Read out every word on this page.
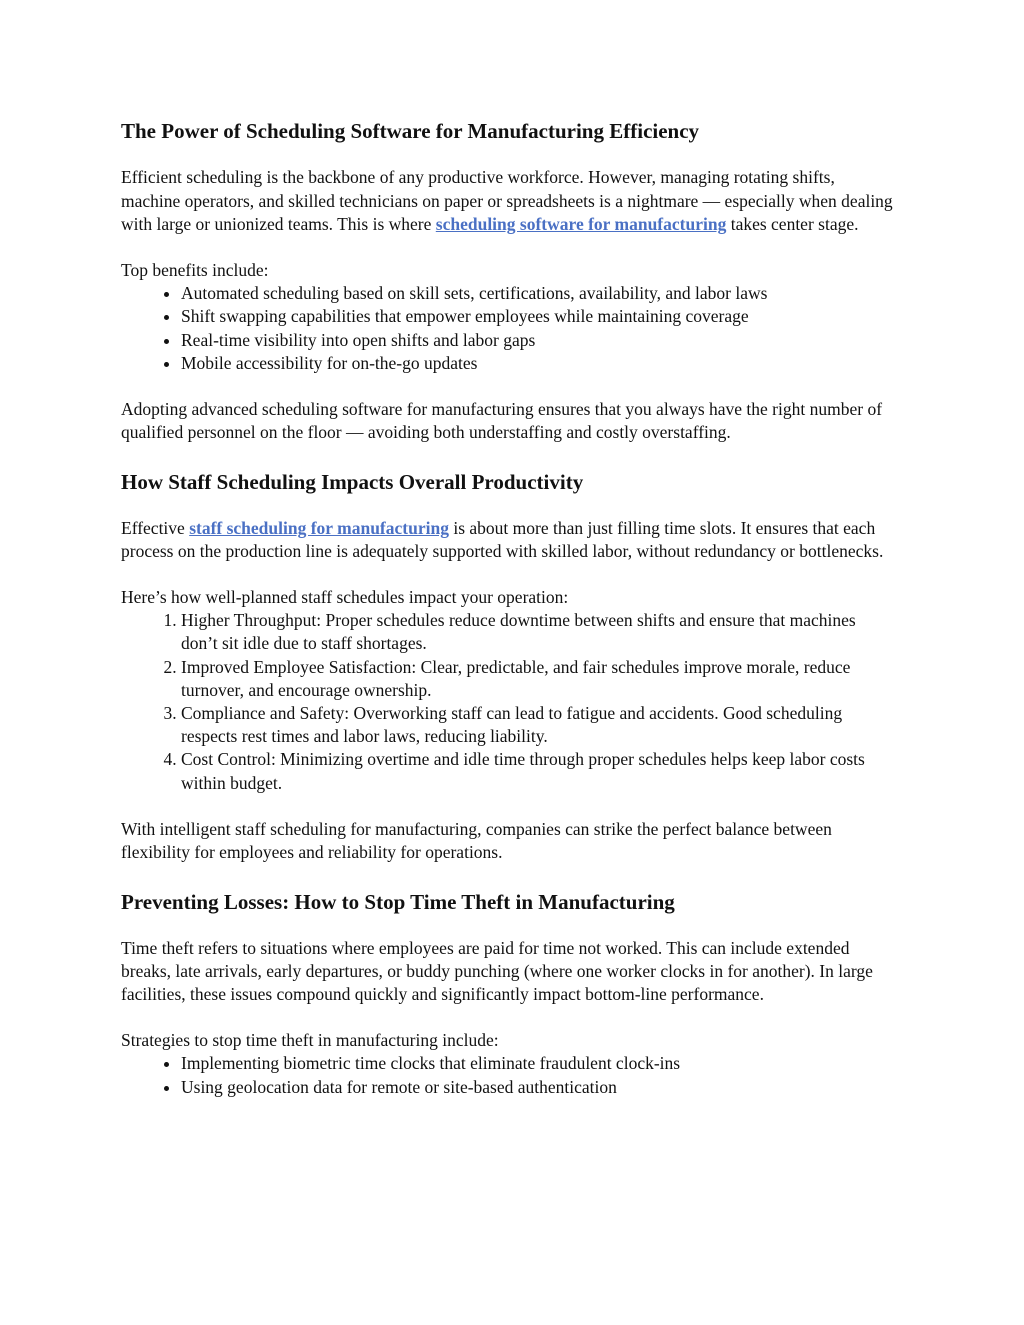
The Power of Scheduling Software for Manufacturing Efficiency

Efficient scheduling is the backbone of any productive workforce. However, managing rotating shifts, machine operators, and skilled technicians on paper or spreadsheets is a nightmare — especially when dealing with large or unionized teams. This is where scheduling software for manufacturing takes center stage.

Top benefits include:

• Automated scheduling based on skill sets, certifications, availability, and labor laws
• Shift swapping capabilities that empower employees while maintaining coverage
• Real-time visibility into open shifts and labor gaps
• Mobile accessibility for on-the-go updates

Adopting advanced scheduling software for manufacturing ensures that you always have the right number of qualified personnel on the floor — avoiding both understaffing and costly overstaffing.

How Staff Scheduling Impacts Overall Productivity

Effective staff scheduling for manufacturing is about more than just filling time slots. It ensures that each process on the production line is adequately supported with skilled labor, without redundancy or bottlenecks.

Here’s how well-planned staff schedules impact your operation:

1. Higher Throughput: Proper schedules reduce downtime between shifts and ensure that machines don’t sit idle due to staff shortages.
2. Improved Employee Satisfaction: Clear, predictable, and fair schedules improve morale, reduce turnover, and encourage ownership.
3. Compliance and Safety: Overworking staff can lead to fatigue and accidents. Good scheduling respects rest times and labor laws, reducing liability.
4. Cost Control: Minimizing overtime and idle time through proper schedules helps keep labor costs within budget.

With intelligent staff scheduling for manufacturing, companies can strike the perfect balance between flexibility for employees and reliability for operations.

Preventing Losses: How to Stop Time Theft in Manufacturing

Time theft refers to situations where employees are paid for time not worked. This can include extended breaks, late arrivals, early departures, or buddy punching (where one worker clocks in for another). In large facilities, these issues compound quickly and significantly impact bottom-line performance.

Strategies to stop time theft in manufacturing include:

• Implementing biometric time clocks that eliminate fraudulent clock-ins
• Using geolocation data for remote or site-based authentication
